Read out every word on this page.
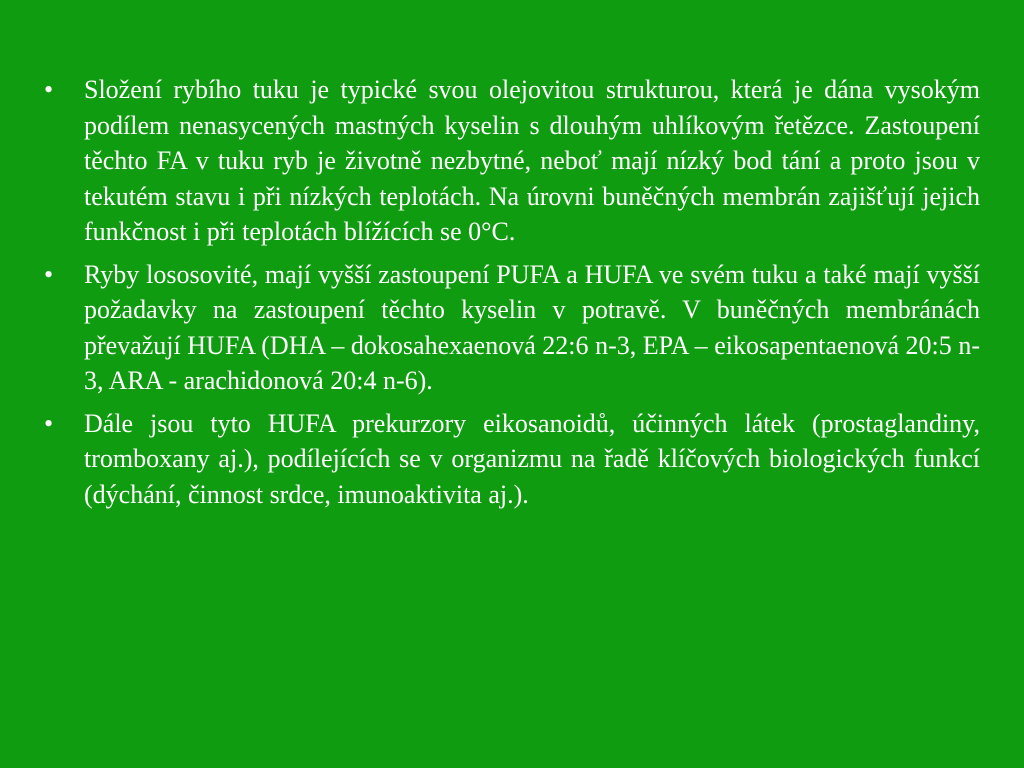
•	Složení rybího tuku je typické svou olejovitou strukturou, která je dána vysokým podílem nenasycených mastných kyselin s dlouhým uhlíkovým řetězce. Zastoupení těchto FA v tuku ryb je životně nezbytné, neboť mají nízký bod tání a proto jsou v tekutém stavu i při nízkých teplotách. Na úrovni buněčných membrán zajišťují jejich funkčnost i při teplotách blížících se 0°C.
•	Ryby lososovité, mají vyšší zastoupení PUFA a HUFA ve svém tuku a také mají vyšší požadavky na zastoupení těchto kyselin v potravě. V buněčných membránách převažují HUFA (DHA – dokosahexaenová 22:6 n-3, EPA – eikosapentaenová 20:5 n-3, ARA - arachidonová 20:4 n-6).
•	Dále jsou tyto HUFA prekurzory eikosanoidů, účinných látek (prostaglandiny, tromboxany aj.), podílejících se v organizmu na řadě klíčových biologických funkcí (dýchání, činnost srdce, imunoaktivita aj.).
